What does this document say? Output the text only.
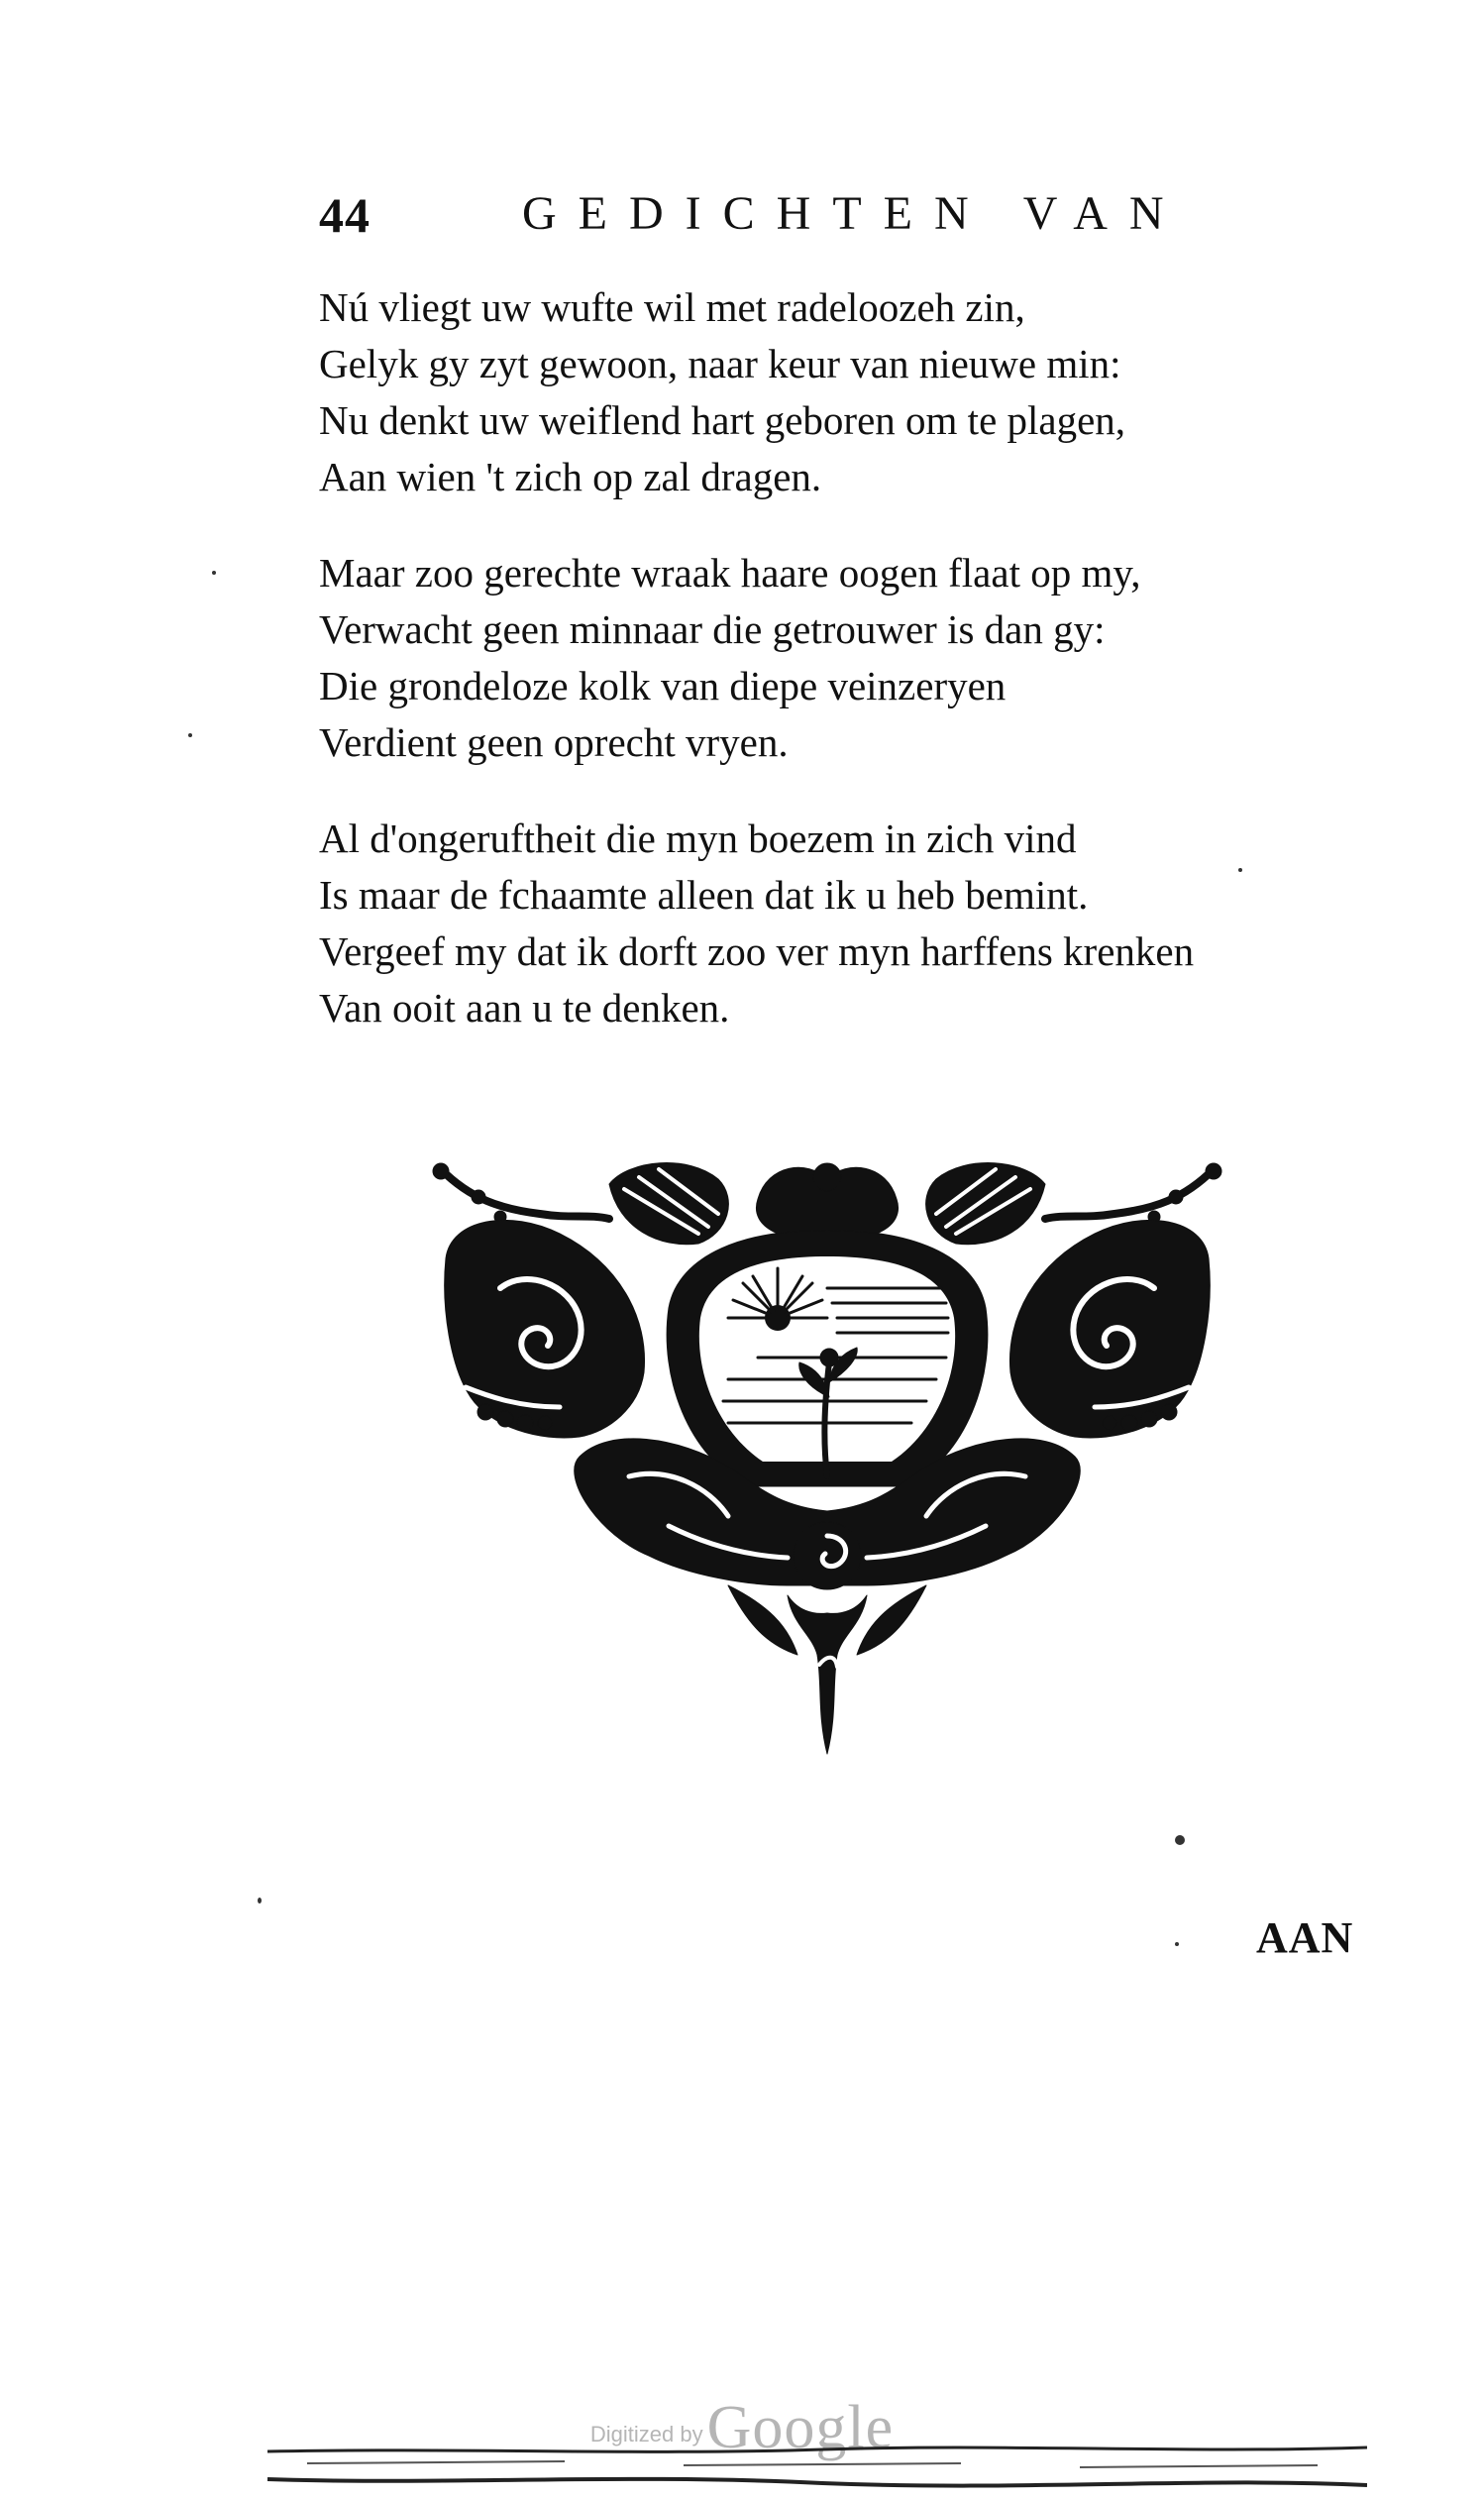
44	GEDICHTEN VAN
Nú vliegt uw wufte wil met radeloozeh zin,
Gelyk gy zyt gewoon, naar keur van nieuwe min:
Nu denkt uw weiflend hart geboren om te plagen,
Aan wien 't zich op zal dragen.
Maar zoo gerechte wraak haare oogen flaat op my,
Verwacht geen minnaar die getrouwer is dan gy:
Die grondeloze kolk van diepe veinzeryen
Verdient geen oprecht vryen.
Al d'ongeruftheit die myn boezem in zich vind
Is maar de fchaamte alleen dat ik u heb bemint.
Vergeef my dat ik dorft zoo ver myn harffens krenken
Van ooit aan u te denken.
AAN
Digitized by Google
